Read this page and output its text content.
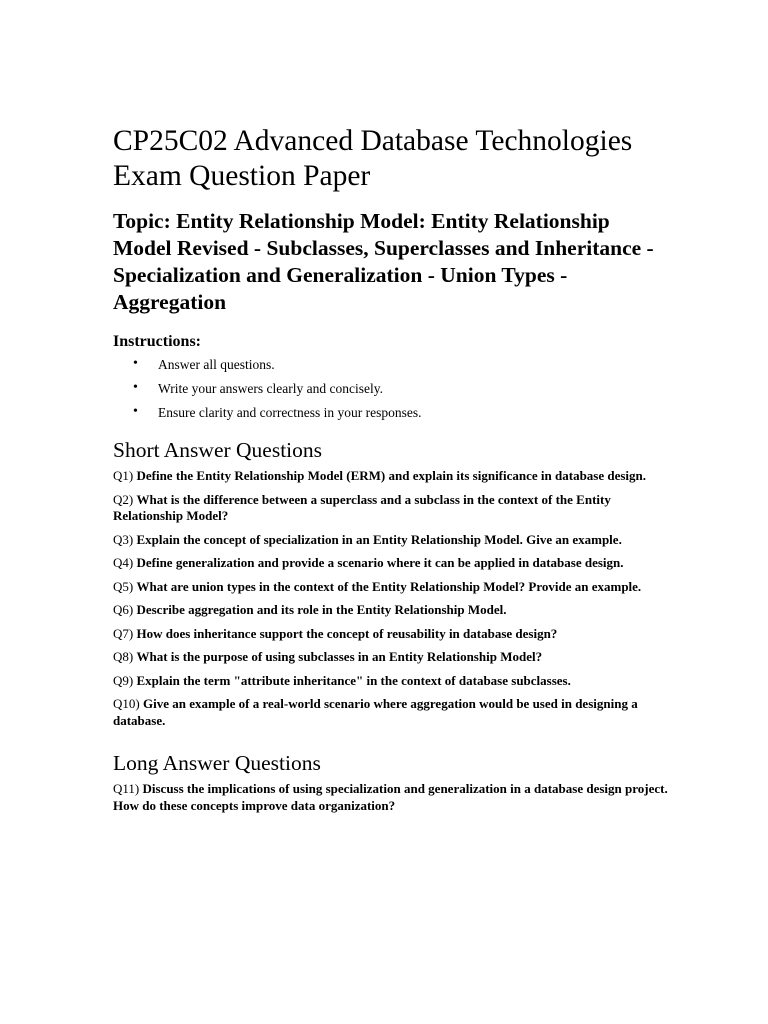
CP25C02 Advanced Database Technologies Exam Question Paper
Topic: Entity Relationship Model: Entity Relationship Model Revised - Subclasses, Superclasses and Inheritance - Specialization and Generalization - Union Types - Aggregation
Instructions:
• Answer all questions.
• Write your answers clearly and concisely.
• Ensure clarity and correctness in your responses.
Short Answer Questions

Q1) Define the Entity Relationship Model (ERM) and explain its significance in database design.

Q2) What is the difference between a superclass and a subclass in the context of the Entity Relationship Model?

Q3) Explain the concept of specialization in an Entity Relationship Model. Give an example.

Q4) Define generalization and provide a scenario where it can be applied in database design.

Q5) What are union types in the context of the Entity Relationship Model? Provide an example.

Q6) Describe aggregation and its role in the Entity Relationship Model.

Q7) How does inheritance support the concept of reusability in database design?

Q8) What is the purpose of using subclasses in an Entity Relationship Model?

Q9) Explain the term "attribute inheritance" in the context of database subclasses.

Q10) Give an example of a real-world scenario where aggregation would be used in designing a database.

Long Answer Questions

Q11) Discuss the implications of using specialization and generalization in a database design project. How do these concepts improve data organization?
